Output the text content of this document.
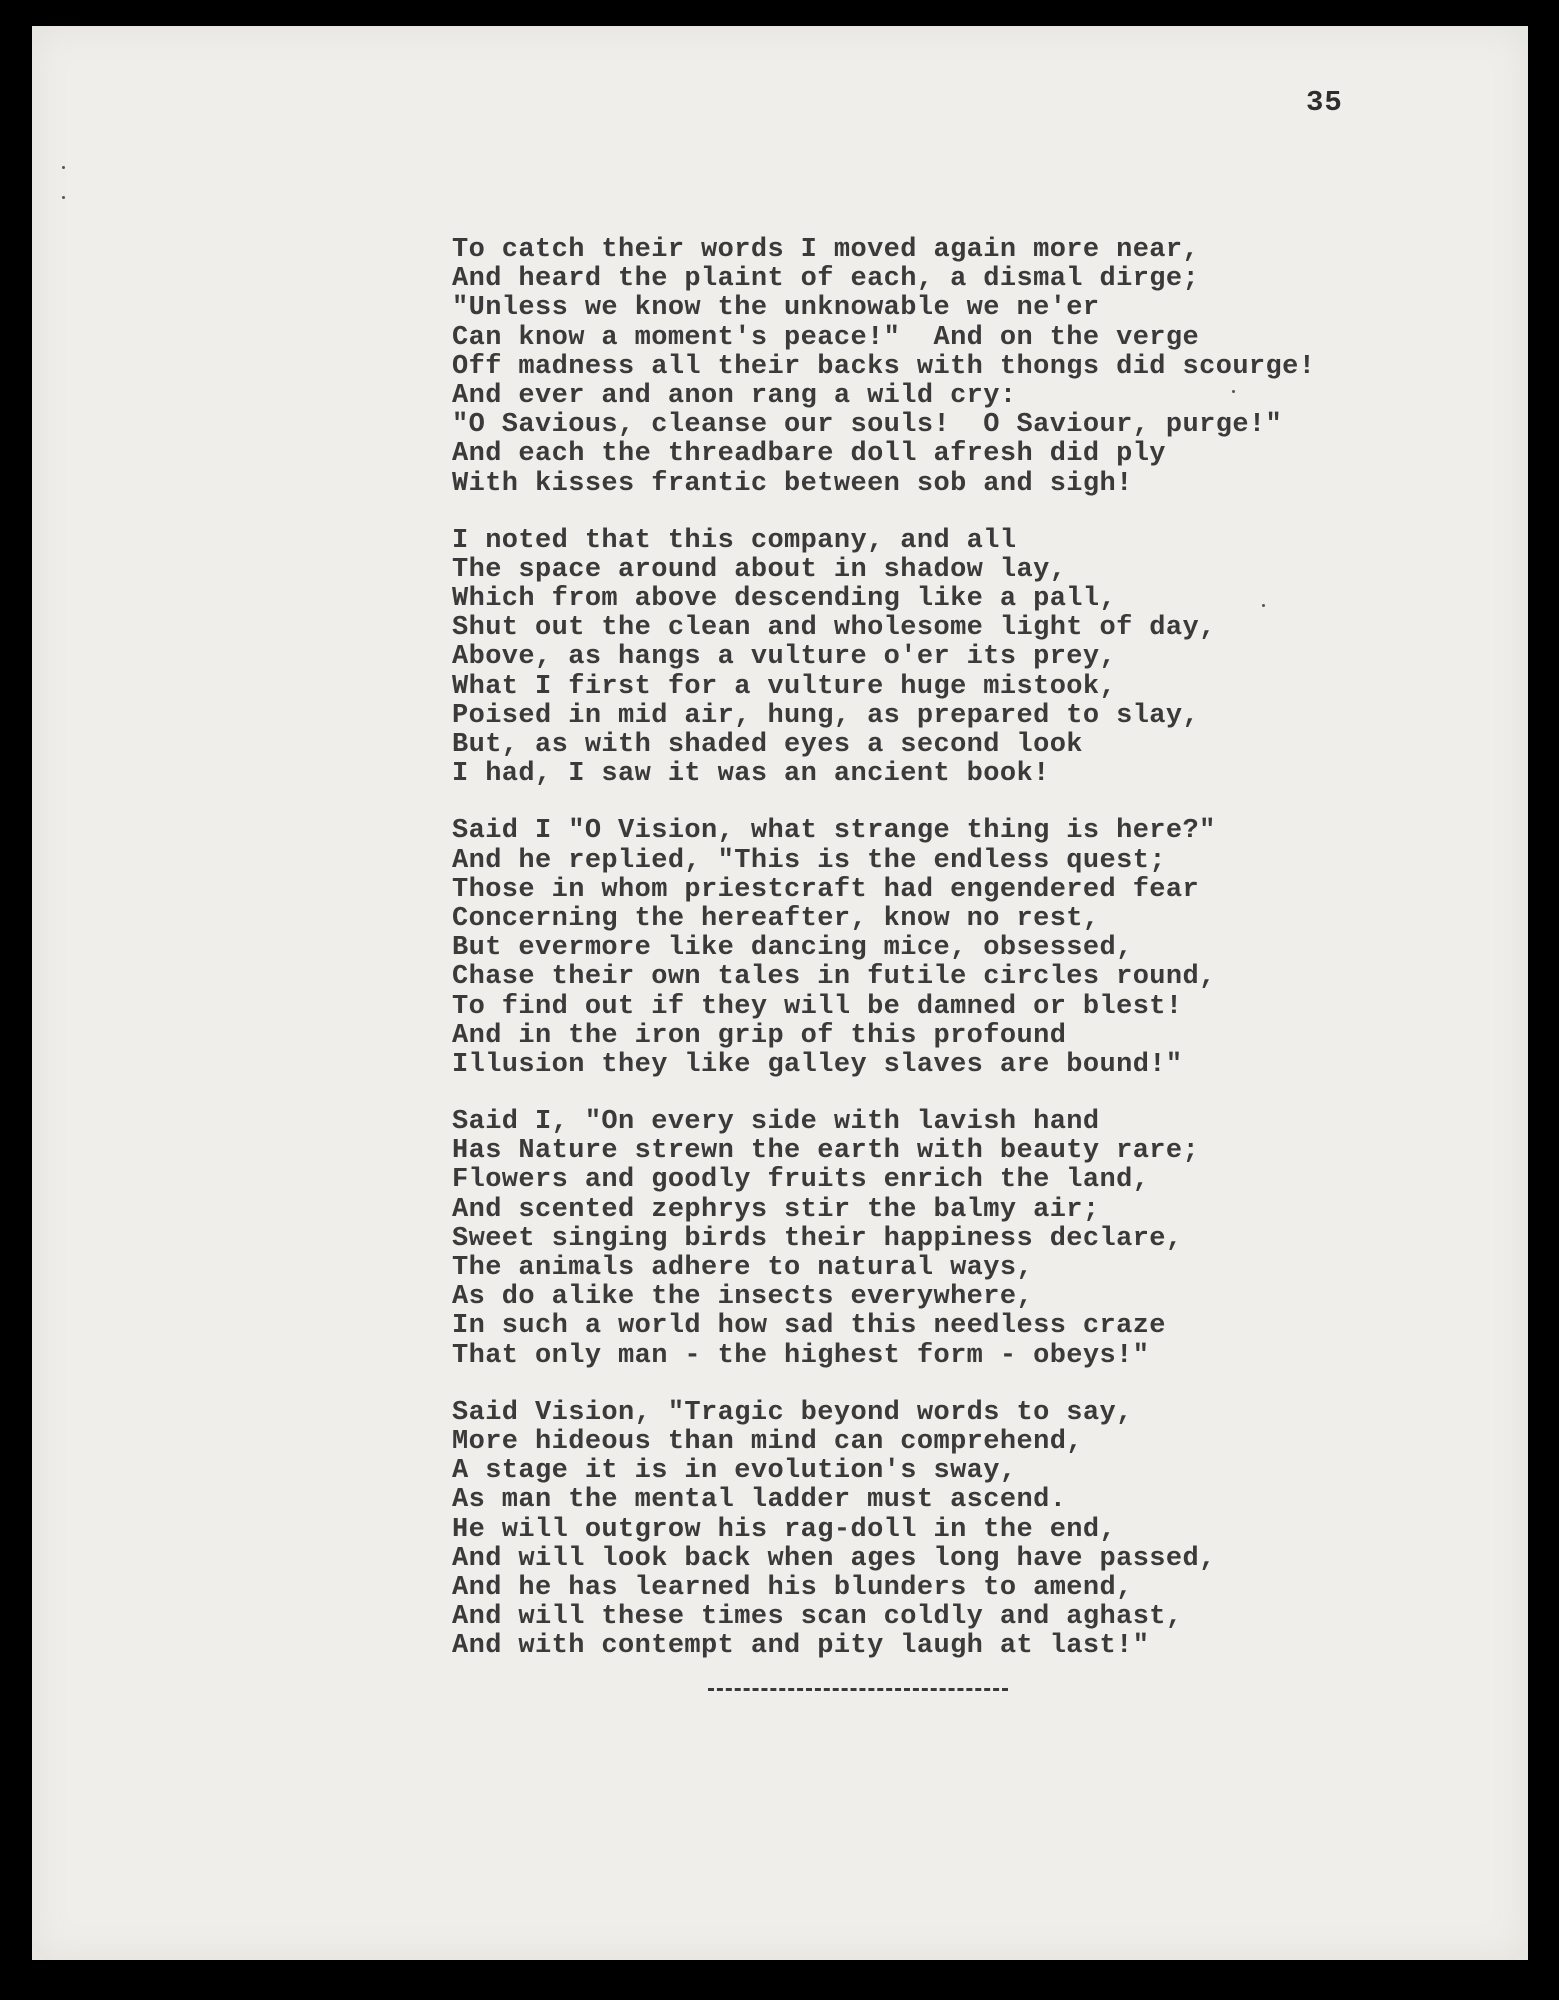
35
To catch their words I moved again more near,
And heard the plaint of each, a dismal dirge;
"Unless we know the unknowable we ne'er
Can know a moment's peace!"  And on the verge
Off madness all their backs with thongs did scourge!
And ever and anon rang a wild cry:
"O Savious, cleanse our souls!  O Saviour, purge!"
And each the threadbare doll afresh did ply
With kisses frantic between sob and sigh!
I noted that this company, and all
The space around about in shadow lay,
Which from above descending like a pall,
Shut out the clean and wholesome light of day,
Above, as hangs a vulture o'er its prey,
What I first for a vulture huge mistook,
Poised in mid air, hung, as prepared to slay,
But, as with shaded eyes a second look
I had, I saw it was an ancient book!
Said I "O Vision, what strange thing is here?"
And he replied, "This is the endless quest;
Those in whom priestcraft had engendered fear
Concerning the hereafter, know no rest,
But evermore like dancing mice, obsessed,
Chase their own tales in futile circles round,
To find out if they will be damned or blest!
And in the iron grip of this profound
Illusion they like galley slaves are bound!"
Said I, "On every side with lavish hand
Has Nature strewn the earth with beauty rare;
Flowers and goodly fruits enrich the land,
And scented zephrys stir the balmy air;
Sweet singing birds their happiness declare,
The animals adhere to natural ways,
As do alike the insects everywhere,
In such a world how sad this needless craze
That only man - the highest form - obeys!"
Said Vision, "Tragic beyond words to say,
More hideous than mind can comprehend,
A stage it is in evolution's sway,
As man the mental ladder must ascend.
He will outgrow his rag-doll in the end,
And will look back when ages long have passed,
And he has learned his blunders to amend,
And will these times scan coldly and aghast,
And with contempt and pity laugh at last!"
